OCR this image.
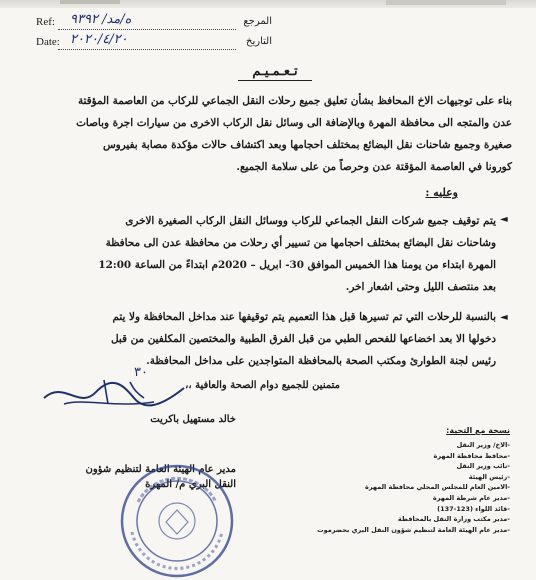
Ref: ه/مد/ ٩٣٩٢	المرجع
Date: ٢٠٢٠/٤/٢٠	التاريخ
تـعـمـيـم
بناء على توجيهات الاخ المحافظ بشأن تعليق جميع رحلات النقل الجماعي للركاب من العاصمة المؤقتة
عدن والمتجه الى محافظة المهرة وبالإضافة الى وسائل نقل الركاب الاخرى من سيارات اجرة وباصات
صغيرة وجميع شاحنات نقل البضائع بمختلف احجامها وبعد اكتشاف حالات مؤكدة مصابة بفيروس
كورونا في العاصمة المؤقتة عدن وحرصاً من على سلامة الجميع.
وعليه :
◄
يتم توقيف جميع شركات النقل الجماعي للركاب ووسائل النقل الركاب الصغيرة الاخرى
وشاحنات نقل البضائع بمختلف احجامها من تسيير أي رحلات من محافظة عدن الى محافظة
المهرة ابتداء من يومنا هذا الخميس الموافق 30- ابريل – 2020م ابتداءً من الساعة 12:00
بعد منتصف الليل وحتى اشعار اخر.
◄
بالنسبة للرحلات التي تم تسيرها قبل هذا التعميم يتم توقيفها عند مداخل المحافظة ولا يتم
دخولها الا بعد اخضاعها للفحص الطبي من قبل الفرق الطبية والمختصين المكلفين من قبل
رئيس لجنة الطوارئ ومكتب الصحة بالمحافظة المتواجدين على مداخل المحافظة.
متمنين للجميع دوام الصحة والعافية ،،
٣٠
خالد مستهيل باكريت
مدير عام الهيئة العامة لتنظيم شؤون
النقل البري م/ المهرة
نسخة مع التحية:
-الاخ/ وزير النقل
-محافظ محافظة المهرة
-نائب وزير النقل
-رئيس الهيئة
-الامين العام للمجلس المحلي محافظة المهرة
-مدير عام شرطة المهرة
-قائد اللواء (123-137)
-مدير مكتب وزارة النقل بالمحافظة
-مدير عام الهيئة العامة لتنظيم شؤون النقل البري بحضرموت
